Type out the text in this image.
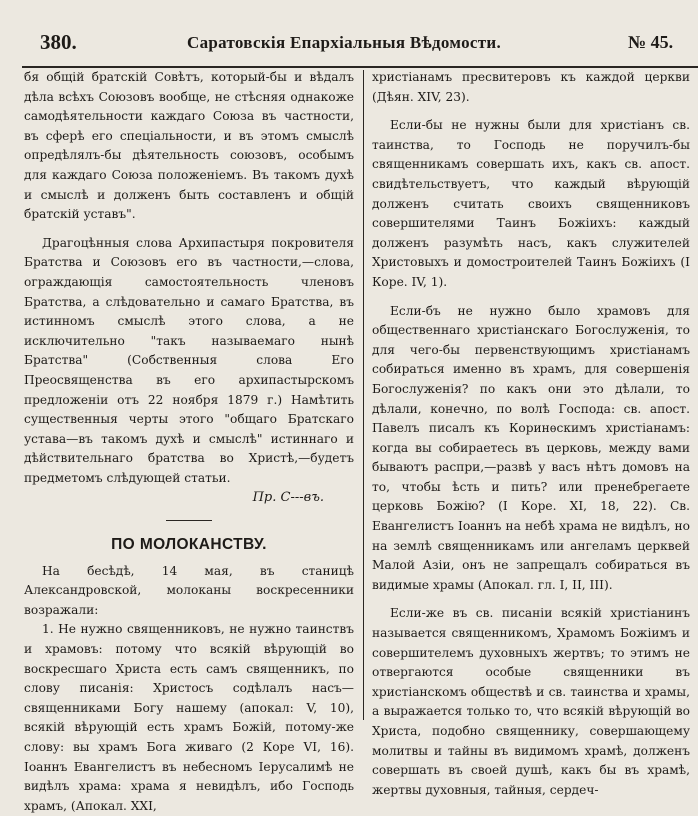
380.	Саратовскія Епархіальныя Вѣдомости.	№ 45.

бя общій братскій Совѣтъ, который-бы и вѣдалъ дѣла всѣхъ Союзовъ вообще, не стѣсняя однакоже самодѣятельности каждаго Союза въ частности, въ сферѣ его спеціальности, и въ этомъ смыслѣ опредѣлялъ-бы дѣятельность союзовъ, особымъ для каждаго Союза положеніемъ. Въ такомъ духѣ и смыслѣ и долженъ быть составленъ и общій братскій уставъ".

Драгоцѣнныя слова Архипастыря покровителя Братства и Союзовъ его въ частности,—слова, ограждающія самостоятельность членовъ Братства, а слѣдовательно и самаго Братства, въ истинномъ смыслѣ этого слова, а не исключительно "такъ называемаго нынѣ Братства" (Собственныя слова Его Преосвященства въ его архипастырскомъ предложеніи отъ 22 ноября 1879 г.) Намѣтить существенныя черты этого "общаго Братскаго устава—въ такомъ духѣ и смыслѣ" истиннаго и дѣйствительнаго братства во Христѣ,—будетъ предметомъ слѣдующей статьи.

Пр. С---въ.
ПО МОЛОКАНСТВУ.

На бесѣдѣ, 14 мая, въ станицѣ Александровской, молоканы воскресенники возражали:

1. Не нужно священниковъ, не нужно таинствъ и храмовъ: потому что всякій вѣрующій во воскресшаго Христа есть самъ священникъ, по слову писанія: Христосъ содѣлалъ насъ—священниками Богу нашему (апокал: V, 10), всякій вѣрующій есть храмъ Божій, потому-же слову: вы храмъ Бога живаго (2 Коре VI, 16). Іоаннъ Евангелистъ въ небесномъ Іерусалимѣ не видѣлъ храма: храма я невидѣлъ, ибо Господь храмъ, (Апокал. XXI,

христіанамъ пресвитеровъ къ каждой церкви (Дѣян. XIV, 23).

Если-бы не нужны были для христіанъ св. таинства, то Господь не поручилъ-бы священникамъ совершать ихъ, какъ св. апост. свидѣтельствуетъ, что каждый вѣрующій долженъ считать своихъ священниковъ совершителями Таинъ Божіихъ: каждый долженъ разумѣть насъ, какъ служителей Христовыхъ и домостроителей Таинъ Божіихъ (I Коре. IV, 1).

Если-бъ не нужно было храмовъ для общественнаго христіанскаго Богослуженія, то для чего-бы первенствующимъ христіанамъ собираться именно въ храмъ, для совершенія Богослуженія? по какъ они это дѣлали, то дѣлали, конечно, по волѣ Господа: св. апост. Павелъ писалъ къ Коринѳскимъ христіанамъ: когда вы собираетесь въ церковь, между вами бываютъ распри,—развѣ у васъ нѣтъ домовъ на то, чтобы ѣсть и пить? или пренебрегаете церковь Божію? (I Коре. XI, 18, 22). Св. Евангелистъ Іоаннъ на небѣ храма не видѣлъ, но на землѣ священникамъ или ангеламъ церквей Малой Азіи, онъ не запрещалъ собираться въ видимые храмы (Апокал. гл. I, II, III).

Если-же въ св. писаніи всякій христіанинъ называется священникомъ, Храмомъ Божіимъ и совершителемъ духовныхъ жертвъ; то этимъ не отвергаются особые священники въ христіанскомъ обществѣ и св. таинства и храмы, а выражается только то, что всякій вѣрующій во Христа, подобно священнику, совершающему молитвы и тайны въ видимомъ храмѣ, долженъ совершать въ своей душѣ, какъ бы въ храмѣ, жертвы духовныя, тайныя, сердеч-
